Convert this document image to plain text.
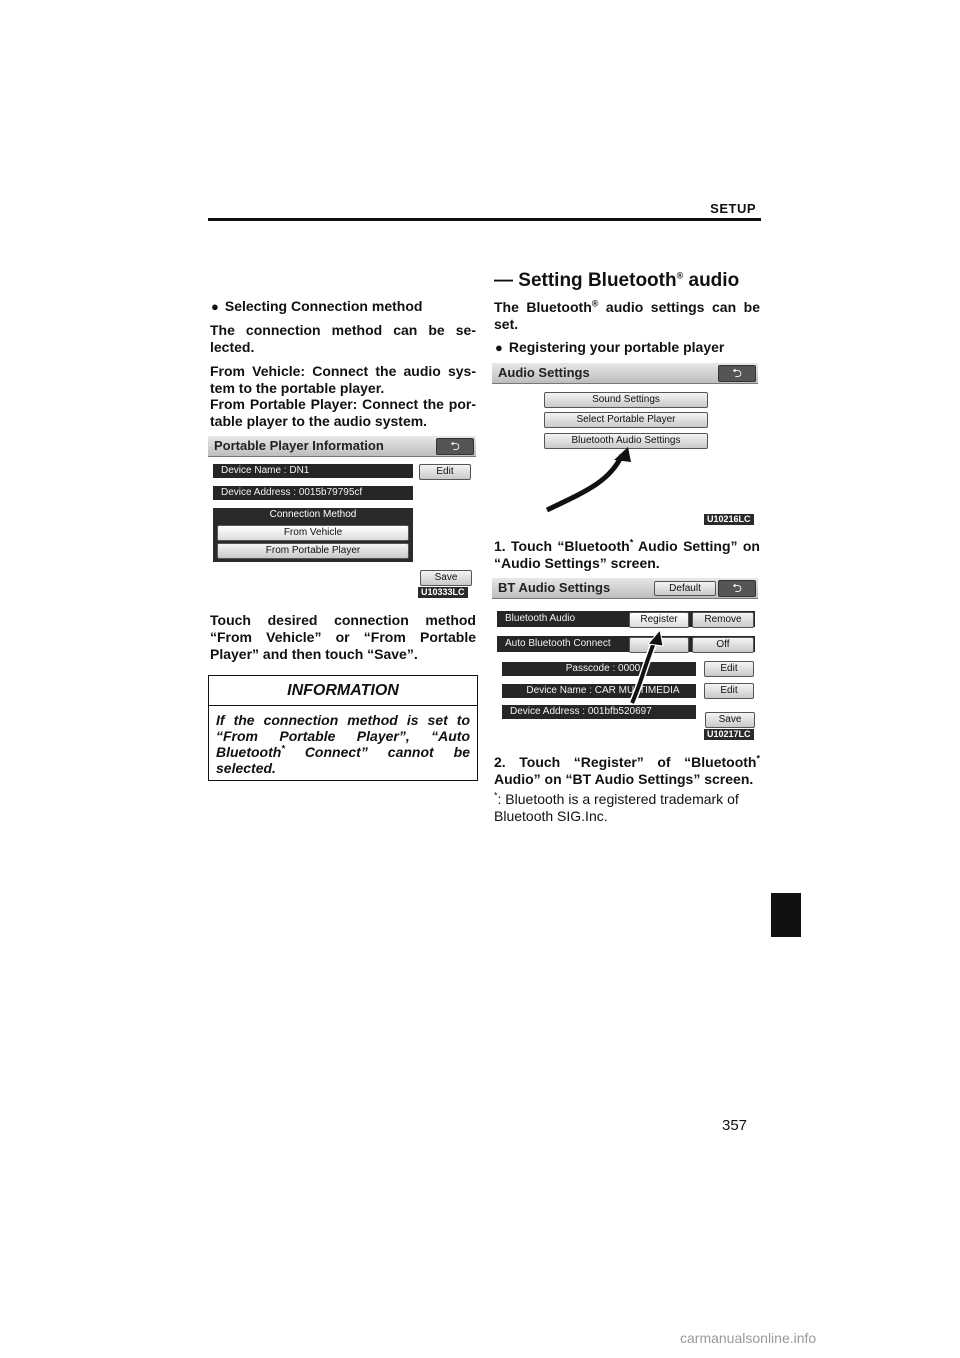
SETUP
— Setting Bluetooth® audio
● Selecting Connection method
The connection method can be se- lected.
From Vehicle: Connect the audio sys- tem to the portable player.
From Portable Player: Connect the por- table player to the audio system.
Portable Player Information	⮌
Device Name : DN1	Edit
Device Address : 0015b79795cf
Connection Method
From Vehicle
From Portable Player
Save
U10333LC
Touch desired connection method “From Vehicle” or “From Portable Player” and then touch “Save”.
INFORMATION
If the connection method is set to “From Portable Player”, “Auto Bluetooth* Connect” cannot be selected.
The Bluetooth® audio settings can be set.
● Registering your portable player
Audio Settings	⮌
Sound Settings
Select Portable Player
Bluetooth Audio Settings
U10216LC
1. Touch “Bluetooth* Audio Setting” on “Audio Settings” screen.
BT Audio Settings	Default	⮌
Bluetooth Audio	Register	Remove
Auto Bluetooth Connect	Off
Passcode : 0000	Edit
Device Name : CAR MULTIMEDIA	Edit
Device Address : 001bfb520697
Save
U10217LC
2. Touch “Register” of “Bluetooth* Audio” on “BT Audio Settings” screen.
*: Bluetooth is a registered trademark of Bluetooth SIG.Inc.
357
carmanualsonline.info
